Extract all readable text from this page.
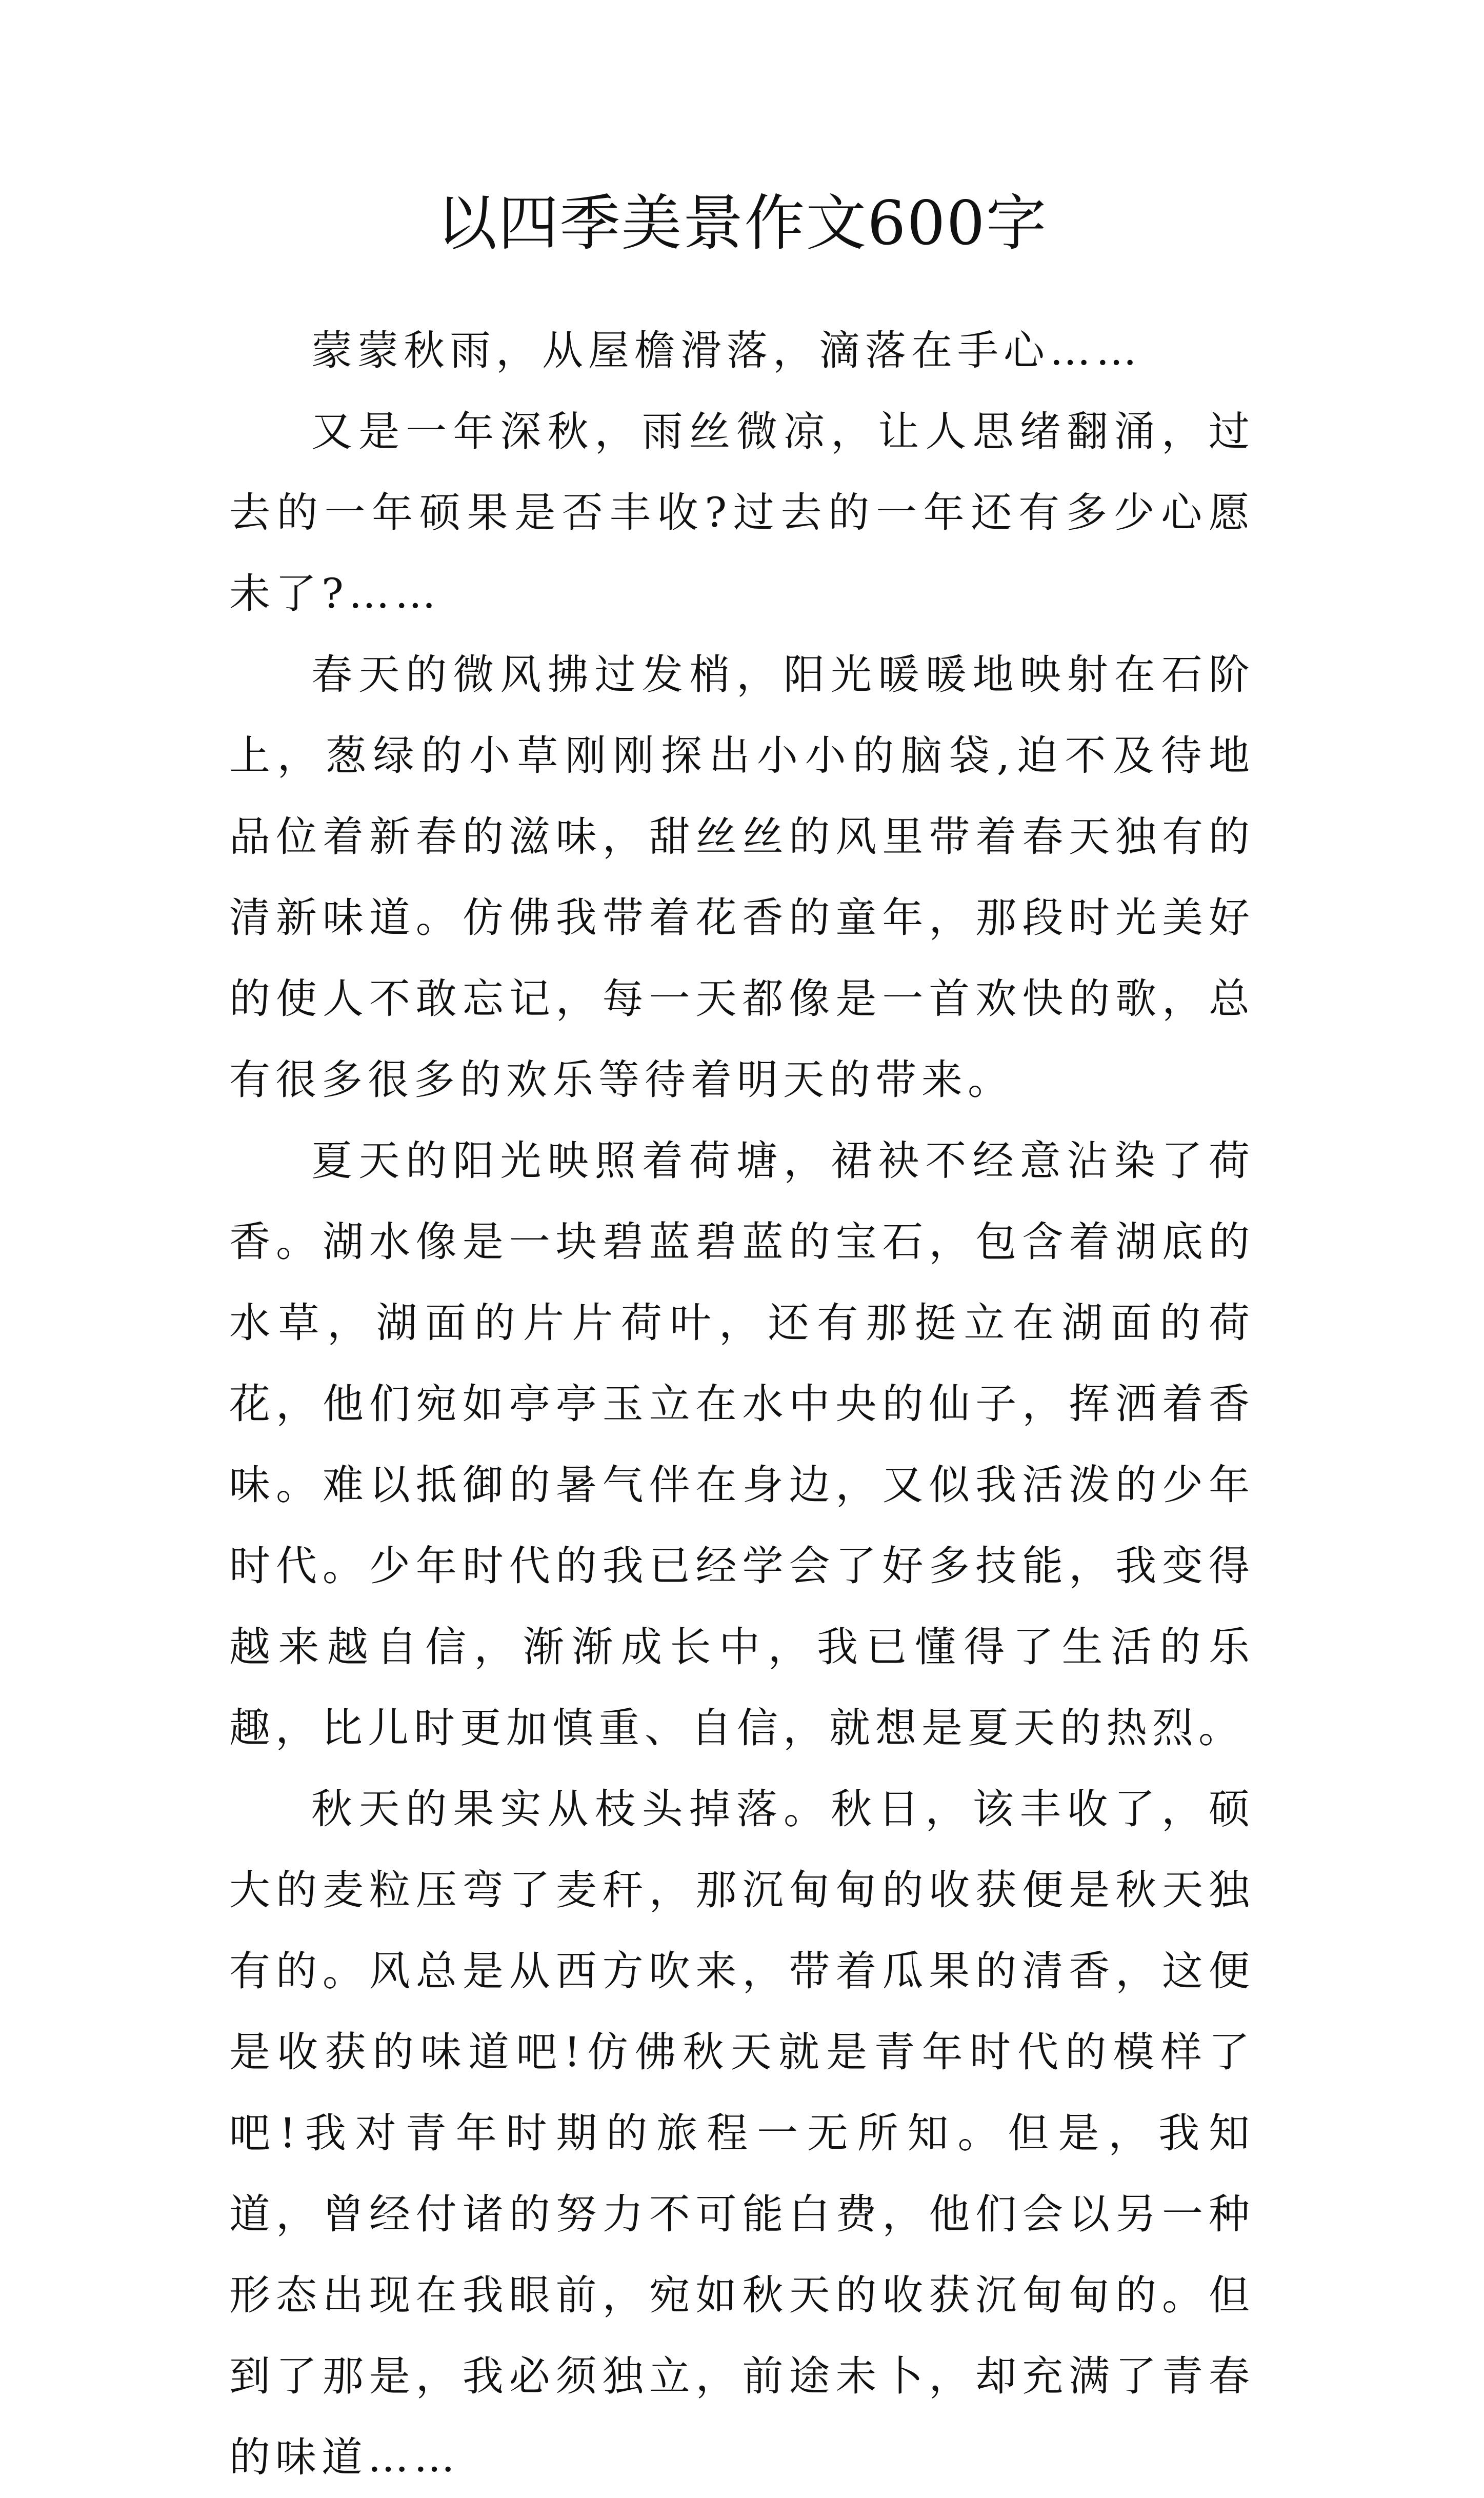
以四季美景作文600字

蒙蒙秋雨，从屋檐滑落，滴落在手心……

又是一年深秋，雨丝微凉，让人思绪翻涌，过去的一年硕果是否丰收?过去的一年还有多少心愿未了?……

春天的微风拂过发梢，阳光暖暖地映射在石阶上，葱绿的小草刚刚探出小小的脑袋,迫不及待地品位着新春的滋味，甜丝丝的风里带着春天独有的清新味道。仿佛我带着花香的童年，那段时光美好的使人不敢忘记，每一天都像是一首欢快的歌，总有很多很多的欢乐等待着明天的带来。

夏天的阳光映照着荷塘，裙袂不经意沾染了荷香。湖水像是一块碧蓝碧蓝的宝石，包含着湖底的水草，湖面的片片荷叶，还有那挺立在湖面的荷花，他们宛如亭亭玉立在水中央的仙子，挥洒着香味。难以抵御的暑气伴在身边，又似我活泼的少年时代。少年时代的我已经学会了好多技能，我变得越来越自信，渐渐成长中，我已懂得了生活的乐趣，比儿时更加慎重、自信，就想是夏天的热烈。

秋天的果实从枝头掉落。秋日，该丰收了，硕大的麦粒压弯了麦秆，那沉甸甸的收获便是秋天独有的。风总是从西方吹来，带着瓜果的清香，这便是收获的味道吧!仿佛秋天就是青年时代的模样了吧!我对青年时期的旅程一无所知。但是，我知道，曾经付诸的努力不可能白费，他们会以另一种形态出现在我眼前，宛如秋天的收获沉甸甸的。但到了那是，我必须独立，前途未卜，却充满了青春的味道……
